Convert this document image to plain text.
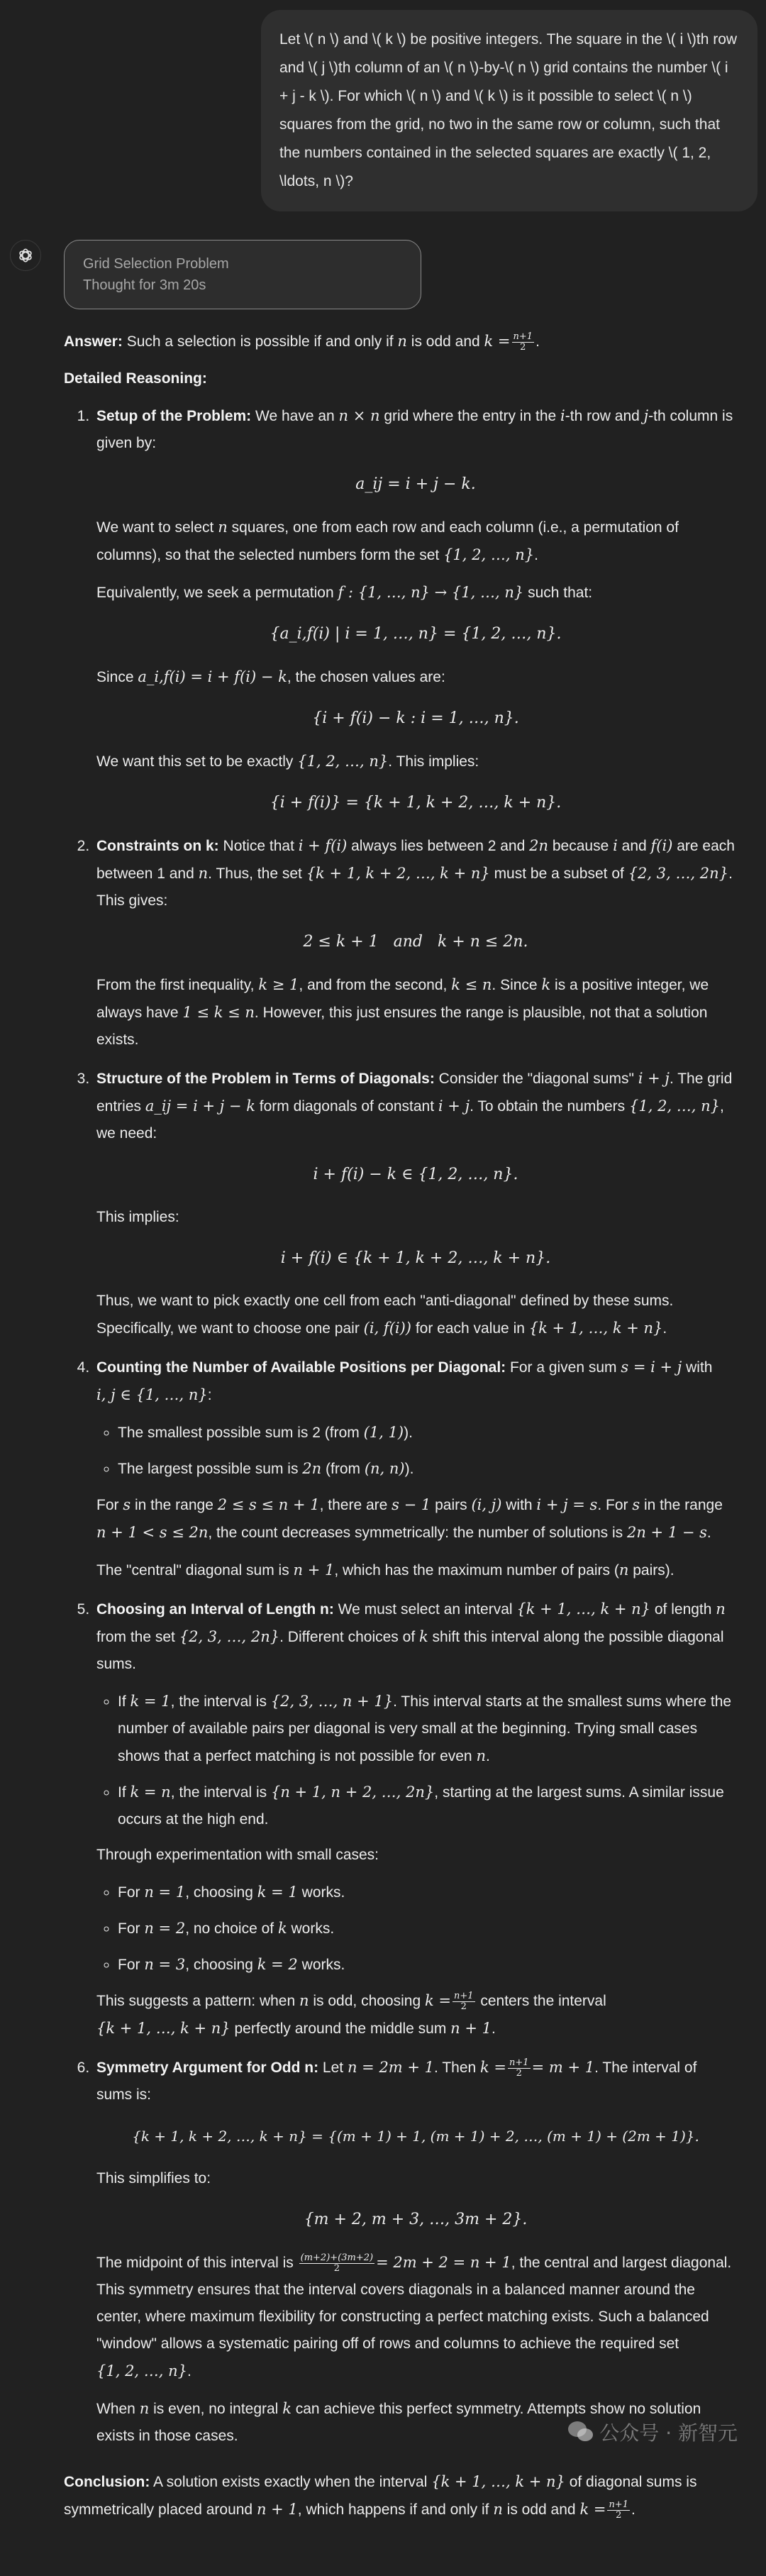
Let \( n \) and \( k \) be positive integers. The square in the \( i \)th row and \( j \)th column of an \( n \)-by-\( n \) grid contains the number \( i + j - k \). For which \( n \) and \( k \) is it possible to select \( n \) squares from the grid, no two in the same row or column, such that the numbers contained in the selected squares are exactly \( 1, 2, \ldots, n \)?
Grid Selection Problem
Thought for 3m 20s

Answer: Such a selection is possible if and only if n is odd and $k = \frac{n+1}{2}$ .

Detailed Reasoning:

1. Setup of the Problem: We have an n × n grid where the entry in the i-th row and j-th column is given by:

a_ij = i + j − k.

We want to select n squares, one from each row and each column (i.e., a permutation of columns), so that the selected numbers form the set {1, 2, …, n}.

Equivalently, we seek a permutation f : {1, …, n} → {1, …, n} such that:

{a_i,f(i) | i = 1, …, n} = {1, 2, …, n}.

Since a_i,f(i) = i + f(i) − k, the chosen values are:

{i + f(i) − k : i = 1, …, n}.

We want this set to be exactly {1, 2, …, n}. This implies:

{i + f(i)} = {k + 1, k + 2, …, k + n}.

2. Constraints on k: Notice that i + f(i) always lies between 2 and 2n because i and f(i) are each between 1 and n. Thus, the set {k + 1, k + 2, …, k + n} must be a subset of {2, 3, …, 2n}. This gives:

2 ≤ k + 1   and   k + n ≤ 2n.

From the first inequality, k ≥ 1, and from the second, k ≤ n. Since k is a positive integer, we always have 1 ≤ k ≤ n. However, this just ensures the range is plausible, not that a solution exists.

3. Structure of the Problem in Terms of Diagonals: Consider the "diagonal sums" i + j. The grid entries a_ij = i + j − k form diagonals of constant i + j. To obtain the numbers {1, 2, …, n}, we need:

i + f(i) − k ∈ {1, 2, …, n}.

This implies:

i + f(i) ∈ {k + 1, k + 2, …, k + n}.

Thus, we want to pick exactly one cell from each "anti-diagonal" defined by these sums. Specifically, we want to choose one pair (i, f(i)) for each value in {k + 1, …, k + n}.

4. Counting the Number of Available Positions per Diagonal: For a given sum s = i + j with i, j ∈ {1, …, n}:

◦ The smallest possible sum is 2 (from (1, 1)).
◦ The largest possible sum is 2n (from (n, n)).

For s in the range 2 ≤ s ≤ n + 1, there are s − 1 pairs (i, j) with i + j = s. For s in the range n + 1 < s ≤ 2n, the count decreases symmetrically: the number of solutions is 2n + 1 − s.

The "central" diagonal sum is n + 1, which has the maximum number of pairs (n pairs).

5. Choosing an Interval of Length n: We must select an interval {k + 1, …, k + n} of length n from the set {2, 3, …, 2n}. Different choices of k shift this interval along the possible diagonal sums.

◦ If k = 1, the interval is {2, 3, …, n + 1}. This interval starts at the smallest sums where the number of available pairs per diagonal is very small at the beginning. Trying small cases shows that a perfect matching is not possible for even n.
◦ If k = n, the interval is {n + 1, n + 2, …, 2n}, starting at the largest sums. A similar issue occurs at the high end.

Through experimentation with small cases:

◦ For n = 1, choosing k = 1 works.
◦ For n = 2, no choice of k works.
◦ For n = 3, choosing k = 2 works.

This suggests a pattern: when n is odd, choosing $k = \frac{n+1}{2}$ centers the interval {k + 1, …, k + n} perfectly around the middle sum n + 1.

6. Symmetry Argument for Odd n: Let n = 2m + 1. Then $k = \frac{n+1}{2} = m + 1$. The interval of sums is:

{k + 1, k + 2, …, k + n} = {(m + 1) + 1, (m + 1) + 2, …, (m + 1) + (2m + 1)}.

This simplifies to:

{m + 2, m + 3, …, 3m + 2}.

The midpoint of this interval is $\frac{(m+2)+(3m+2)}{2} = 2m + 2 = n + 1$, the central and largest diagonal. This symmetry ensures that the interval covers diagonals in a balanced manner around the center, where maximum flexibility for constructing a perfect matching exists. Such a balanced "window" allows a systematic pairing off of rows and columns to achieve the required set {1, 2, …, n}.

When n is even, no integral k can achieve this perfect symmetry. Attempts show no solution exists in those cases.

Conclusion: A solution exists exactly when the interval {k + 1, …, k + n} of diagonal sums is symmetrically placed around n + 1, which happens if and only if n is odd and $k = \frac{n+1}{2}$ .

公众号 · 新智元
